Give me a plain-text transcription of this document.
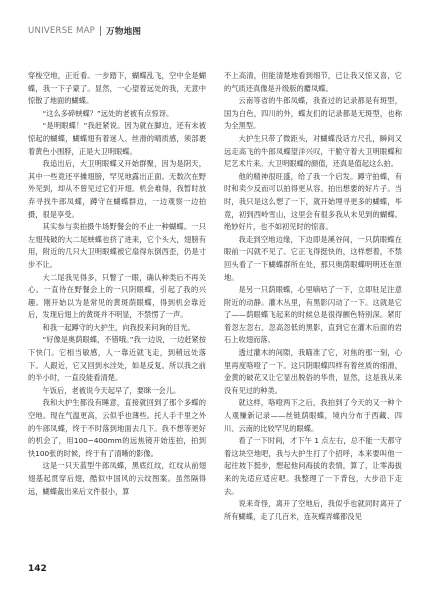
UNIVERSE MAP 万物地图

穿梭空地，正近看。一步踏下，蝴蝶乱飞，空中全是蝴蝶，我一下子蒙了。显然，一心望着远处的我，无意中惊散了地面的蝴蝶。

“这么多碎蛱蝶？”远处的老被有点惊讶。

“是明眼蝶！”我赶紧说。因为就在脚边，还有未被惊起的蝴蝶，蝴蝶翅有着迷人、丝滑的晴质感，须部裹着黄色小围脖，正是大卫明眼蝶。

我追出后，大卫明眼蝶又开始群聚，因为是阴天，其中一些竟还平摊翅膀，罕见地露出正面。无数次在野外见到，却从不曾见过它们开翅。机会难得，我暂时放弃寻找牛郎凤蝶，蹲守在蝴蝶群边，一边观察一边拍摄，很是享受。

其实参与卖拍摄牛场野餐会的不止一种蝴蝶。一只左翅残破的大二尾蛱蝶也挤了进来，它个头大，翅膀有用，附近的几只大卫明眼蝶被它扇得东倒西歪，仍是寸步不让。

大二尾我见得多，只瞥了一眼，确认种类后不再关心。一直待在野餐会上的一只阴眼蝶，引起了我的兴趣。刚开始以为是常见的黄斑荫眼蝶，得到机会靠近后，发现后翅上的黄斑并不明显，不禁愣了一声。

和我一起蹲守的大护生，向我投来问询的目光。

“好像是奥荫眼蝶，不错哦。”我一边说，一边赶紧按下快门。它相当敏感，人一靠近就飞走，到稍远处落下。人跟近，它又回到水洼处，如是反复。所以我之前的半小时，一直没能看清楚。

午饭后，老被说今天起早了，要眯一会儿。

我和大护生都没有睡意，直接就回到了那个多蝶的空地。现在气温更高，云似乎也薄些。托人手千里之外的牛郎凤蝶，终于不时落到地面去几下。我不想等更好的机会了，用100~400mm的远焦镜开始连拍，拍到快100张的时候，终于有了清晰的影像。

这是一只天蓝型牛郎凤蝶，黑底红纹，红纹从前翅翅基起贯穿后翅，酷似中国风的云纹图案。虽然隔得远，蝴蝶裁出来后文件很小，算

不上高清，但能清楚地看到细节，已让我又惊又喜，它的气质还真像是升级版的麝凤蝶。

云南等省的牛郎凤蝶，我查过的记录都是有斑型，国为白色，四川的外，蝶友们的记录都是无斑型，也称为全黑型。

大护生只带了微距头，对蝴蝶没话方尺孔，瞬间又远走高飞的牛郎凤蝶望洋兴叹，干脆守着大卫明眼蝶和尼艺术片来。大卫明眼蝶的颜值，还真是值起这么拍。

他的精神很旺盛，给了我一个启发。蹲守拍蝶，有时和卖少反而可以拍得更从容。拍出想要的好片子。当时，我只是这么想了一下，就开始埋寻更多的蝴蝶，毕竟，初到西岭雪山，这里会有很多我从未见到的蝴蝶。绝妙好片，也不如初见时的惊喜。

我走到空地边缘，下边即是溪谷间，一只荫眼蝶在眼前一闪就不见了。它正飞得挺快的，这样想着，不禁回头看了一下蝴蝶群所在处，那只奥荫眼蝶明明还在原地。

是另一只荫眼蝶，心里嘀咕了一下，立即驻足注意附近的动静。灌木丛里，有黑影闪动了一下。这就是它了——荫眼蝶飞起来的时候总是很得颤色特别深。紧盯着忽左忽右、忽高忽低的黑影，直到它在灌木后面的岩石上收翅而落。

透过灌木的间隙，我瞄准了它，对焦的那一刻，心里再度咯噔了一下。这只阴眼蝶四样有着丝质的细滑，金黄的破花又让它显出脱俗的华贵，显然，这是我从来没有见过的种类。

就这样，咯噔两下之后，我拍到了今天的又一种个人观赚新记录——丝链荫眼蝶，境内分布于西藏、四川、云南的比较罕见的眼蝶。

看了一下时间，才下午 1 点左右，总不能一天都守着这块空地吧，我与大护生打了个招呼，本来要叫他一起往坡下挺步，想起他问海拔的表情，算了，让零海拔来的先适应适应吧。我整理了一下背包，大步沿下走去。

说来奇怪，离开了空地后，我似乎也就同时离开了所有蝴蝶，走了几百米，连灰蝶弄蝶都没见

142
